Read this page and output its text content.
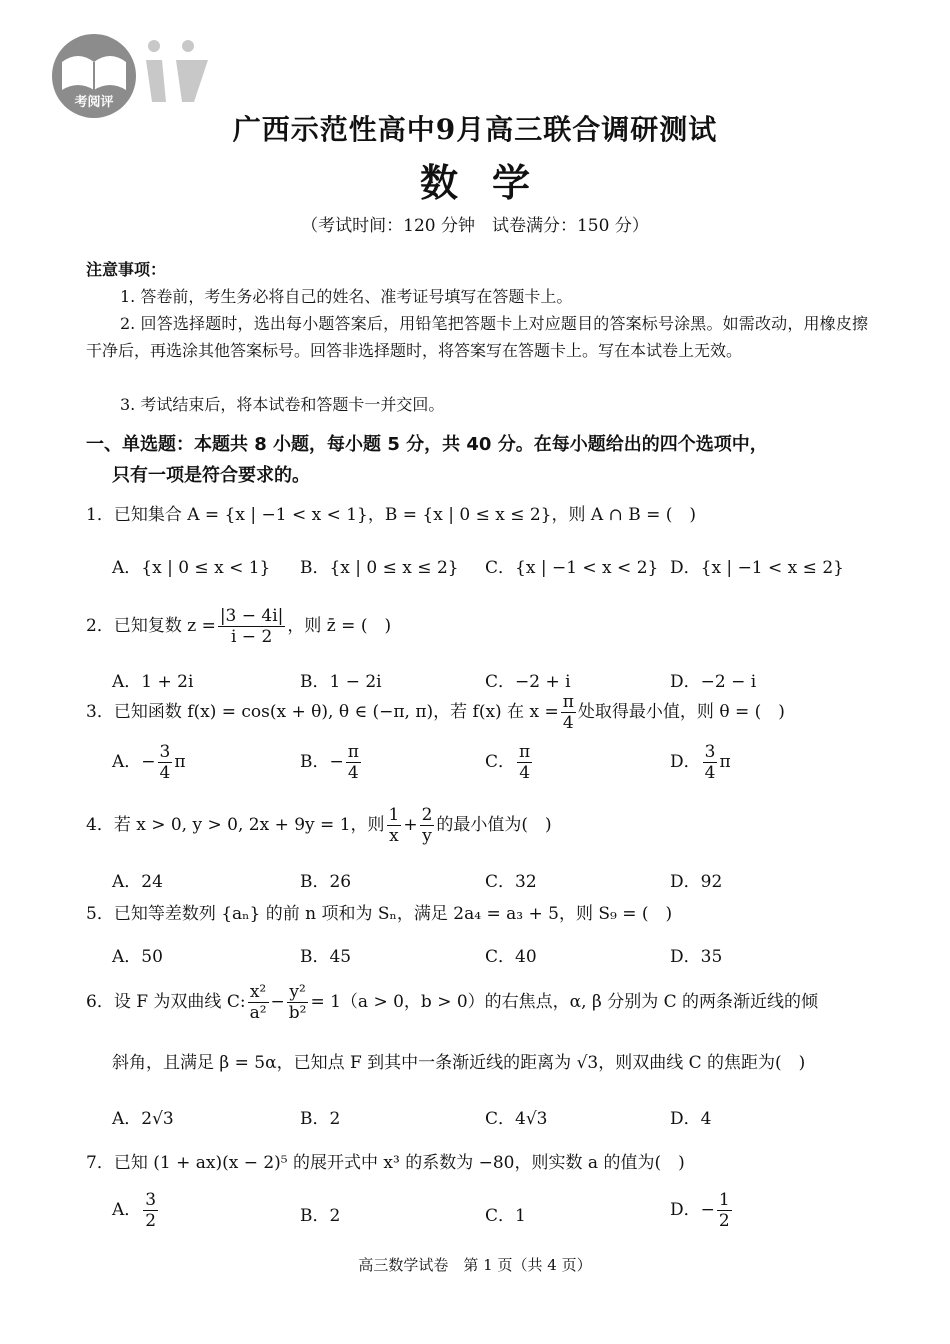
考阅评
广西示范性高中9月高三联合调研测试
数学
（考试时间：120 分钟　试卷满分：150 分）
注意事项：
1. 答卷前，考生务必将自己的姓名、准考证号填写在答题卡上。
2. 回答选择题时，选出每小题答案后，用铅笔把答题卡上对应题目的答案标号涂黑。如需改动，用橡皮擦干净后，再选涂其他答案标号。回答非选择题时，将答案写在答题卡上。写在本试卷上无效。
3. 考试结束后，将本试卷和答题卡一并交回。
一、单选题：本题共 8 小题，每小题 5 分，共 40 分。在每小题给出的四个选项中，
只有一项是符合要求的。
1．已知集合 A = {x | −1 < x < 1}，B = {x | 0 ≤ x ≤ 2}，则 A ∩ B = (　)
A．{x | 0 ≤ x < 1} B．{x | 0 ≤ x ≤ 2} C．{x | −1 < x < 2} D．{x | −1 < x ≤ 2}
2．已知复数 $z = \frac{|3 - 4i|}{i - 2}$ ，则 z̄ = (　)
A．1 + 2i	B．1 − 2i	C．−2 + i	D．−2 − i
3．已知函数 f(x) = cos(x + θ), θ ∈ (−π, π)，若 f(x) 在 $x = \frac{\pi}{4}$ 处取得最小值，则 θ = (　)
A．− $\frac{3}{4}$ π	B．− $\frac{\pi}{4}$	C． $\frac{\pi}{4}$	D． $\frac{3}{4}$ π
4．若 x > 0, y > 0, 2x + 9y = 1，则 $\frac{1}{x} + \frac{2}{y}$ 的最小值为(　)
A．24	B．26	C．32	D．92
5．已知等差数列 {aₙ} 的前 n 项和为 Sₙ，满足 2a₄ = a₃ + 5，则 S₉ = (　)
A．50	B．45	C．40	D．35
6．设 F 为双曲线 C: $\frac{\text{x²}}{\text{a²}} - \frac{\text{y²}}{\text{b²}} = 1(a > 0$，b > 0）的右焦点，α, β 分别为 C 的两条渐近线的倾
斜角，且满足 β = 5α，已知点 F 到其中一条渐近线的距离为 √3，则双曲线 C 的焦距为(　)
A．2√3	B．2	C．4√3	D．4
7．已知 (1 + ax)(x − 2)⁵ 的展开式中 x³ 的系数为 −80，则实数 a 的值为(　)
A． $\frac{3}{2}$	B．2	C．1	D．− $\frac{1}{2}$
高三数学试卷　第 1 页（共 4 页）
